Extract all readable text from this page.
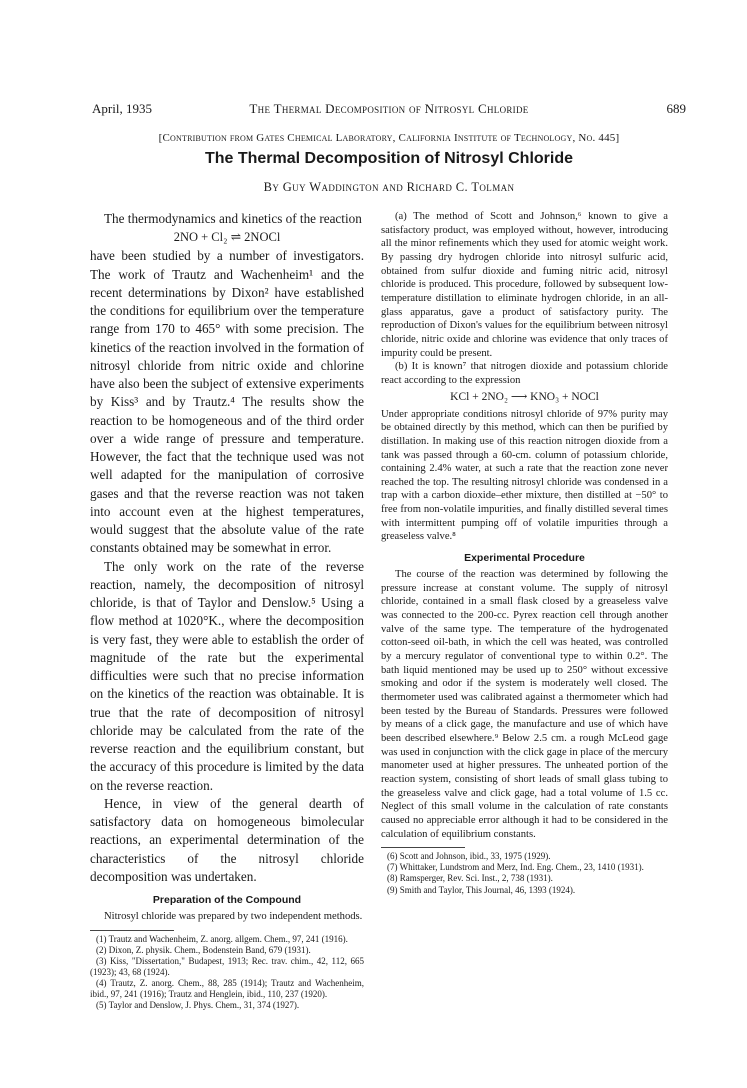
April, 1935	The Thermal Decomposition of Nitrosyl Chloride	689
[Contribution from Gates Chemical Laboratory, California Institute of Technology, No. 445]
The Thermal Decomposition of Nitrosyl Chloride
By Guy Waddington and Richard C. Tolman

The thermodynamics and kinetics of the reaction

2NO + Cl₂ ⇌ 2NOCl

have been studied by a number of investigators. The work of Trautz and Wachenheim¹ and the recent determinations by Dixon² have established the conditions for equilibrium over the temperature range from 170 to 465° with some precision. The kinetics of the reaction involved in the formation of nitrosyl chloride from nitric oxide and chlorine have also been the subject of extensive experiments by Kiss³ and by Trautz.⁴ The results show the reaction to be homogeneous and of the third order over a wide range of pressure and temperature. However, the fact that the technique used was not well adapted for the manipulation of corrosive gases and that the reverse reaction was not taken into account even at the highest temperatures, would suggest that the absolute value of the rate constants obtained may be somewhat in error.

The only work on the rate of the reverse reaction, namely, the decomposition of nitrosyl chloride, is that of Taylor and Denslow.⁵ Using a flow method at 1020°K., where the decomposition is very fast, they were able to establish the order of magnitude of the rate but the experimental difficulties were such that no precise information on the kinetics of the reaction was obtainable. It is true that the rate of decomposition of nitrosyl chloride may be calculated from the rate of the reverse reaction and the equilibrium constant, but the accuracy of this procedure is limited by the data on the reverse reaction.

Hence, in view of the general dearth of satisfactory data on homogeneous bimolecular reactions, an experimental determination of the characteristics of the nitrosyl chloride decomposition was undertaken.

Preparation of the Compound

Nitrosyl chloride was prepared by two independent methods.

(1) Trautz and Wachenheim, Z. anorg. allgem. Chem., 97, 241 (1916).

(2) Dixon, Z. physik. Chem., Bodenstein Band, 679 (1931).

(3) Kiss, "Dissertation," Budapest, 1913; Rec. trav. chim., 42, 112, 665 (1923); 43, 68 (1924).

(4) Trautz, Z. anorg. Chem., 88, 285 (1914); Trautz and Wachenheim, ibid., 97, 241 (1916); Trautz and Henglein, ibid., 110, 237 (1920).

(5) Taylor and Denslow, J. Phys. Chem., 31, 374 (1927).

(a) The method of Scott and Johnson,⁶ known to give a satisfactory product, was employed without, however, introducing all the minor refinements which they used for atomic weight work. By passing dry hydrogen chloride into nitrosyl sulfuric acid, obtained from sulfur dioxide and fuming nitric acid, nitrosyl chloride is produced. This procedure, followed by subsequent low-temperature distillation to eliminate hydrogen chloride, in an all-glass apparatus, gave a product of satisfactory purity. The reproduction of Dixon's values for the equilibrium between nitrosyl chloride, nitric oxide and chlorine was evidence that only traces of impurity could be present.

(b) It is known⁷ that nitrogen dioxide and potassium chloride react according to the expression

KCl + 2NO₂ ⟶ KNO₃ + NOCl

Under appropriate conditions nitrosyl chloride of 97% purity may be obtained directly by this method, which can then be purified by distillation. In making use of this reaction nitrogen dioxide from a tank was passed through a 60-cm. column of potassium chloride, containing 2.4% water, at such a rate that the reaction zone never reached the top. The resulting nitrosyl chloride was condensed in a trap with a carbon dioxide–ether mixture, then distilled at −50° to free from non-volatile impurities, and finally distilled several times with intermittent pumping off of volatile impurities through a greaseless valve.⁸

Experimental Procedure

The course of the reaction was determined by following the pressure increase at constant volume. The supply of nitrosyl chloride, contained in a small flask closed by a greaseless valve was connected to the 200-cc. Pyrex reaction cell through another valve of the same type. The temperature of the hydrogenated cotton-seed oil-bath, in which the cell was heated, was controlled by a mercury regulator of conventional type to within 0.2°. The bath liquid mentioned may be used up to 250° without excessive smoking and odor if the system is moderately well closed. The thermometer used was calibrated against a thermometer which had been tested by the Bureau of Standards. Pressures were followed by means of a click gage, the manufacture and use of which have been described elsewhere.⁹ Below 2.5 cm. a rough McLeod gage was used in conjunction with the click gage in place of the mercury manometer used at higher pressures. The unheated portion of the reaction system, consisting of short leads of small glass tubing to the greaseless valve and click gage, had a total volume of 1.5 cc. Neglect of this small volume in the calculation of rate constants caused no appreciable error although it had to be considered in the calculation of equilibrium constants.

(6) Scott and Johnson, ibid., 33, 1975 (1929).

(7) Whittaker, Lundstrom and Merz, Ind. Eng. Chem., 23, 1410 (1931).

(8) Ramsperger, Rev. Sci. Inst., 2, 738 (1931).

(9) Smith and Taylor, This Journal, 46, 1393 (1924).
